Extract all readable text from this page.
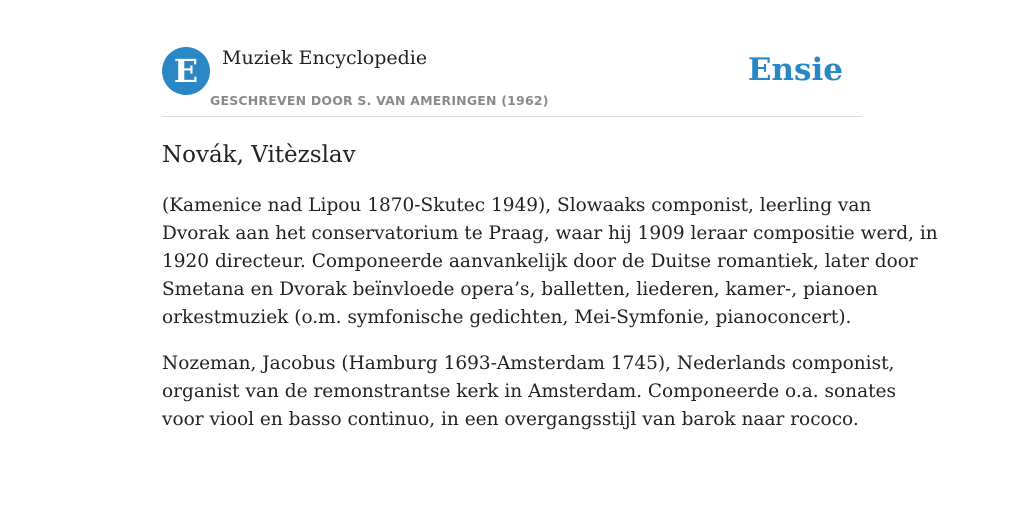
E	Muziek Encyclopedie
GESCHREVEN DOOR S. VAN AMERINGEN (1962)
Ensie
Novák, Vitèzslav

(Kamenice nad Lipou 1870-Skutec 1949), Slowaaks componist, leerling van
Dvorak aan het conservatorium te Praag, waar hij 1909 leraar compositie werd, in
1920 directeur. Componeerde aanvankelijk door de Duitse romantiek, later door
Smetana en Dvorak beïnvloede opera’s, balletten, liederen, kamer-, pianoen
orkestmuziek (o.m. symfonische gedichten, Mei-Symfonie, pianoconcert).

Nozeman, Jacobus (Hamburg 1693-Amsterdam 1745), Nederlands componist,
organist van de remonstrantse kerk in Amsterdam. Componeerde o.a. sonates
voor viool en basso continuo, in een overgangsstijl van barok naar rococo.
